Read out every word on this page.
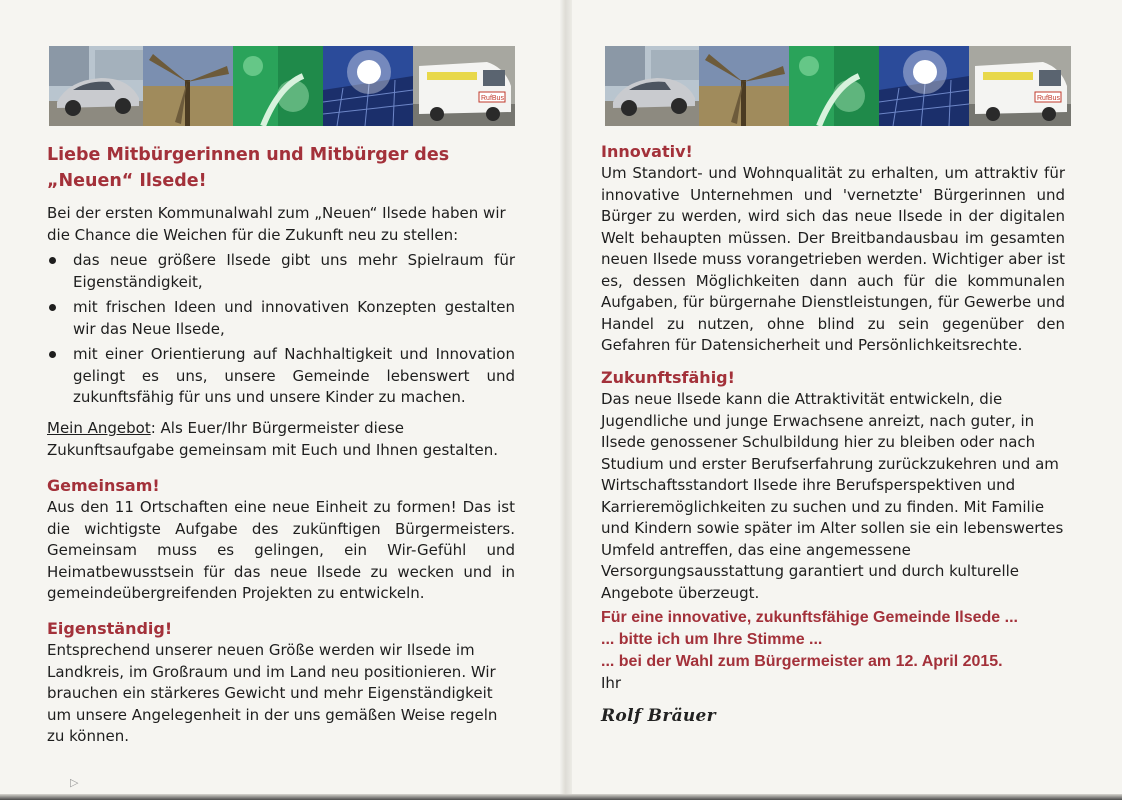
RufBus
Liebe Mitbürgerinnen und Mitbürger des
„Neuen“ Ilsede!
Bei der ersten Kommunalwahl zum „Neuen“ Ilsede haben wir die Chance die Weichen für die Zukunft neu zu stellen:
das neue größere Ilsede gibt uns mehr Spielraum für Eigenständigkeit,
mit frischen Ideen und innovativen Konzepten gestalten wir das Neue Ilsede,
mit einer Orientierung auf Nachhaltigkeit und Innovation gelingt es uns, unsere Gemeinde lebenswert und zukunftsfähig für uns und unsere Kinder zu machen.
Mein Angebot: Als Euer/Ihr Bürgermeister diese Zukunftsaufgabe gemeinsam mit Euch und Ihnen gestalten.
Gemeinsam!
Aus den 11 Ortschaften eine neue Einheit zu formen! Das ist die wichtigste Aufgabe des zukünftigen Bürgermeisters. Gemeinsam muss es gelingen, ein Wir-Gefühl und Heimatbewusstsein für das neue Ilsede zu wecken und in gemeindeübergreifenden Projekten zu entwickeln.
Eigenständig!
Entsprechend unserer neuen Größe werden wir Ilsede im Landkreis, im Großraum und im Land neu positionieren. Wir brauchen ein stärkeres Gewicht und mehr Eigenständigkeit um unsere Angelegenheit in der uns gemäßen Weise regeln zu können.
RufBus
Innovativ!
Um Standort- und Wohnqualität zu erhalten, um attraktiv für innovative Unternehmen und 'vernetzte' Bürgerinnen und Bürger zu werden, wird sich das neue Ilsede in der digitalen Welt behaupten müssen. Der Breitbandausbau im gesamten neuen Ilsede muss vorangetrieben werden. Wichtiger aber ist es, dessen Möglichkeiten dann auch für die kommunalen Aufgaben, für bürgernahe Dienstleistungen, für Gewerbe und Handel zu nutzen, ohne blind zu sein gegenüber den Gefahren für Datensicherheit und Persönlichkeitsrechte.
Zukunftsfähig!
Das neue Ilsede kann die Attraktivität entwickeln, die Jugendliche und junge Erwachsene anreizt, nach guter, in Ilsede genossener Schulbildung hier zu bleiben oder nach Studium und erster Berufserfahrung zurückzukehren und am Wirtschaftsstandort Ilsede ihre Berufsperspektiven und Karrieremöglichkeiten zu suchen und zu finden. Mit Familie und Kindern sowie später im Alter sollen sie ein lebenswertes Umfeld antreffen, das eine angemessene Versorgungsausstattung garantiert und durch kulturelle Angebote überzeugt.
Für eine innovative, zukunftsfähige Gemeinde Ilsede ...
... bitte ich um Ihre Stimme ...
... bei der Wahl zum Bürgermeister am 12. April 2015.
Ihr
Rolf Bräuer
▷
